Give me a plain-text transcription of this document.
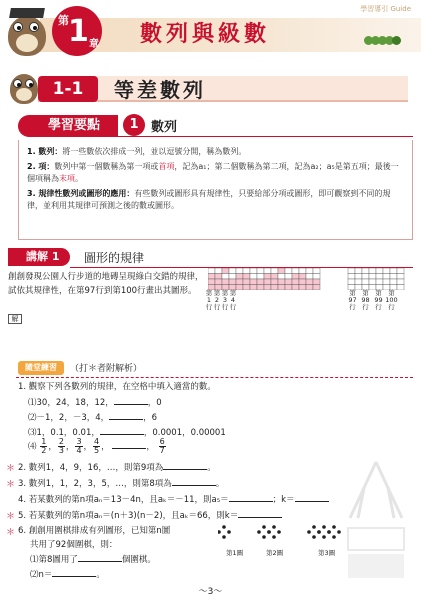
第 1 章 數列與級數
學習導引 Guide
1-1	等差數列
學習要點	1 數列
1. 數列：將一些數依次排成一列，並以逗號分開，稱為數列。
2. 項：數列中第一個數稱為第一項或首項，記為a₁；第二個數稱為第二項，記為a₂；a₅是第五項；最後一個項稱為末項。
3. 規律性數列或圖形的應用：有些數列或圖形具有規律性，只要給部分項或圖形，即可觀察到不同的規律，並利用其規律可預測之後的數或圖形。
講解 1	圖形的規律
創創發現公園人行步道的地磚呈現綠白交錯的規律，試依其規律性，在第97行到第100行畫出其圖形。
解
第1行
第2行
第3行
第4行
第97行
第98行
第99行
第100行
隨堂練習	（打＊者附解析）
1. 觀察下列各數列的規律，在空格中填入適當的數。
⑴30，24，18，12，	，0
⑵－1，2，－3，4，	，6
⑶1，0.1，0.01，	，0.0001，0.00001
⑷ $\frac{1}{2}$ ， $\frac{2}{3}$ ， $\frac{3}{4}$ ， $\frac{4}{5}$ ，	， $\frac{6}{7}$
＊ 2. 數列1，4，9，16，…，則第9項為	。
＊ 3. 數列1，1，2，3，5，…，則第8項為	。
4. 若某數列的第n項aₙ＝13－4n，且aₖ＝－11，則a₅＝	；k＝
＊ 5. 若某數列的第n項aₙ＝(n＋3)(n－2)，且aₖ＝66，則k＝
＊ 6. 創創用圍棋排成有列圖形，已知第n圖
共用了92個圍棋，則：
⑴第8圖用了	個圍棋。
⑵n＝	。
第1圖	第2圖	第3圖
～3～
